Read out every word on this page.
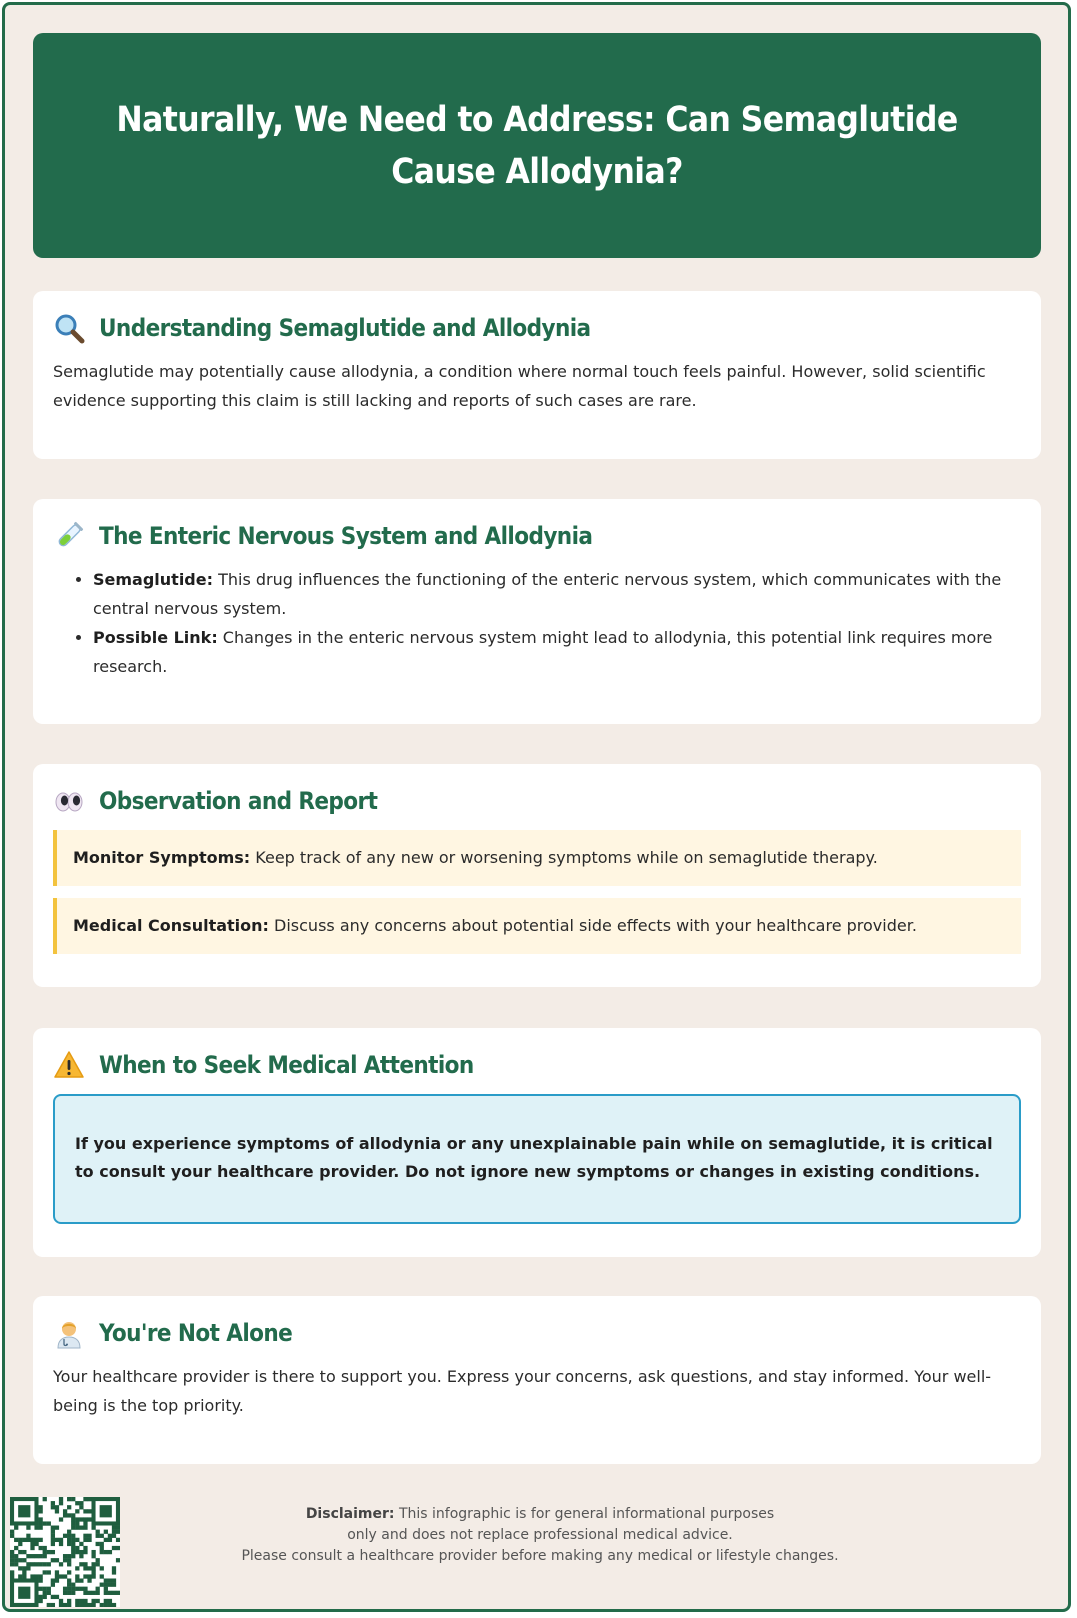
Naturally, We Need to Address: Can Semaglutide Cause Allodynia?
Understanding Semaglutide and Allodynia

Semaglutide may potentially cause allodynia, a condition where normal touch feels painful. However, solid scientific evidence supporting this claim is still lacking and reports of such cases are rare.

The Enteric Nervous System and Allodynia
• Semaglutide: This drug influences the functioning of the enteric nervous system, which communicates with the central nervous system.
• Possible Link: Changes in the enteric nervous system might lead to allodynia, this potential link requires more research.
Observation and Report
Monitor Symptoms: Keep track of any new or worsening symptoms while on semaglutide therapy.
Medical Consultation: Discuss any concerns about potential side effects with your healthcare provider.
When to Seek Medical Attention
If you experience symptoms of allodynia or any unexplainable pain while on semaglutide, it is critical to consult your healthcare provider. Do not ignore new symptoms or changes in existing conditions.
You're Not Alone

Your healthcare provider is there to support you. Express your concerns, ask questions, and stay informed. Your well-being is the top priority.

Disclaimer: This infographic is for general informational purposes
only and does not replace professional medical advice.
Please consult a healthcare provider before making any medical or lifestyle changes.
